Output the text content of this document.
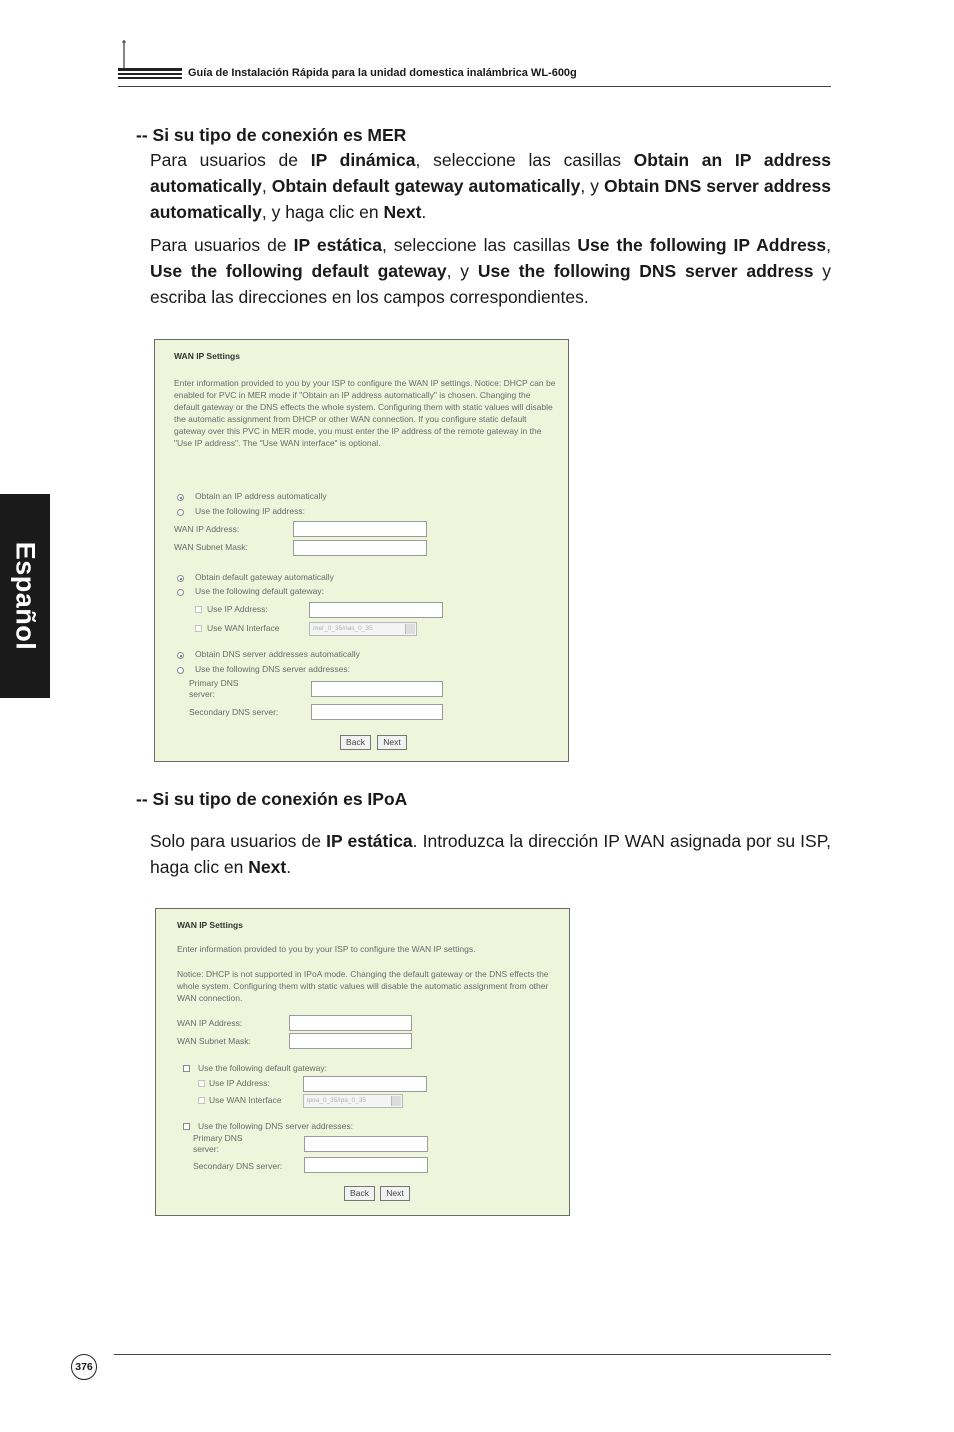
Guía de Instalación Rápida para la unidad domestica inalámbrica WL-600g
Español
-- Si su tipo de conexión es MER
Para usuarios de IP dinámica, seleccione las casillas Obtain an IP address automatically, Obtain default gateway automatically, y Obtain DNS server address automatically, y haga clic en Next.
Para usuarios de IP estática, seleccione las casillas Use the following IP Address, Use the following default gateway, y Use the following DNS server address y escriba las direcciones en los campos correspondientes.
WAN IP Settings
Enter information provided to you by your ISP to configure the WAN IP settings. Notice: DHCP can be enabled for PVC in MER mode if "Obtain an IP address automatically" is chosen. Changing the default gateway or the DNS effects the whole system. Configuring them with static values will disable the automatic assignment from DHCP or other WAN connection. If you configure static default gateway over this PVC in MER mode, you must enter the IP address of the remote gateway in the "Use IP address". The "Use WAN interface" is optional.
Obtain an IP address automatically
Use the following IP address:
WAN IP Address:
WAN Subnet Mask:
Obtain default gateway automatically
Use the following default gateway:
Use IP Address:
Use WAN Interface	mer_0_35/nas_0_35
Obtain DNS server addresses automatically
Use the following DNS server addresses:
Primary DNS
server:
Secondary DNS server:
Back	Next
-- Si su tipo de conexión es IPoA
Solo para usuarios de IP estática. Introduzca la dirección IP WAN asignada por su ISP, haga clic en Next.
WAN IP Settings
Enter information provided to you by your ISP to configure the WAN IP settings.
Notice: DHCP is not supported in IPoA mode. Changing the default gateway or the DNS effects the whole system. Configuring them with static values will disable the automatic assignment from other WAN connection.
WAN IP Address:
WAN Subnet Mask:
Use the following default gateway:
Use IP Address:
Use WAN Interface	ipoa_0_35/ipa_0_35
Use the following DNS server addresses:
Primary DNS
server:
Secondary DNS server:
Back	Next
376
